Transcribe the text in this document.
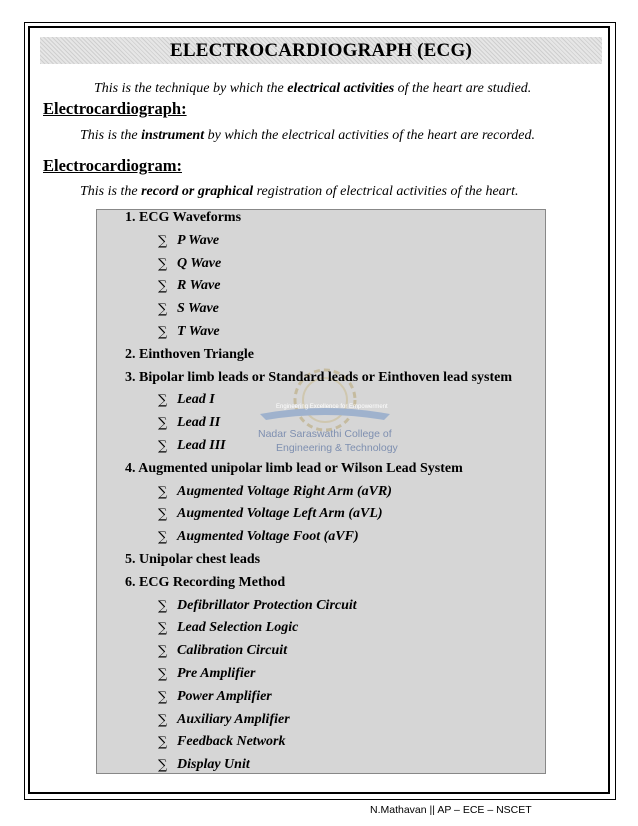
ELECTROCARDIOGRAPH (ECG)
This is the technique by which the electrical activities of the heart are studied.
Electrocardiograph:
This is the instrument by which the electrical activities of the heart are recorded.
Electrocardiogram:
This is the record or graphical registration of electrical activities of the heart.
Engineering Excellence for Empowerment
Nadar Saraswathi College of
Engineering & Technology
1. ECG Waveforms
∑ P Wave
∑ Q Wave
∑ R Wave
∑ S Wave
∑ T Wave
2. Einthoven Triangle
3. Bipolar limb leads or Standard leads or Einthoven lead system
∑ Lead I
∑ Lead II
∑ Lead III
4. Augmented unipolar limb lead or Wilson Lead System
∑ Augmented Voltage Right Arm (aVR)
∑ Augmented Voltage Left Arm (aVL)
∑ Augmented Voltage Foot (aVF)
5. Unipolar chest leads
6. ECG Recording Method
∑ Defibrillator Protection Circuit
∑ Lead Selection Logic
∑ Calibration Circuit
∑ Pre Amplifier
∑ Power Amplifier
∑ Auxiliary Amplifier
∑ Feedback Network
∑ Display Unit
N.Mathavan || AP – ECE – NSCET
